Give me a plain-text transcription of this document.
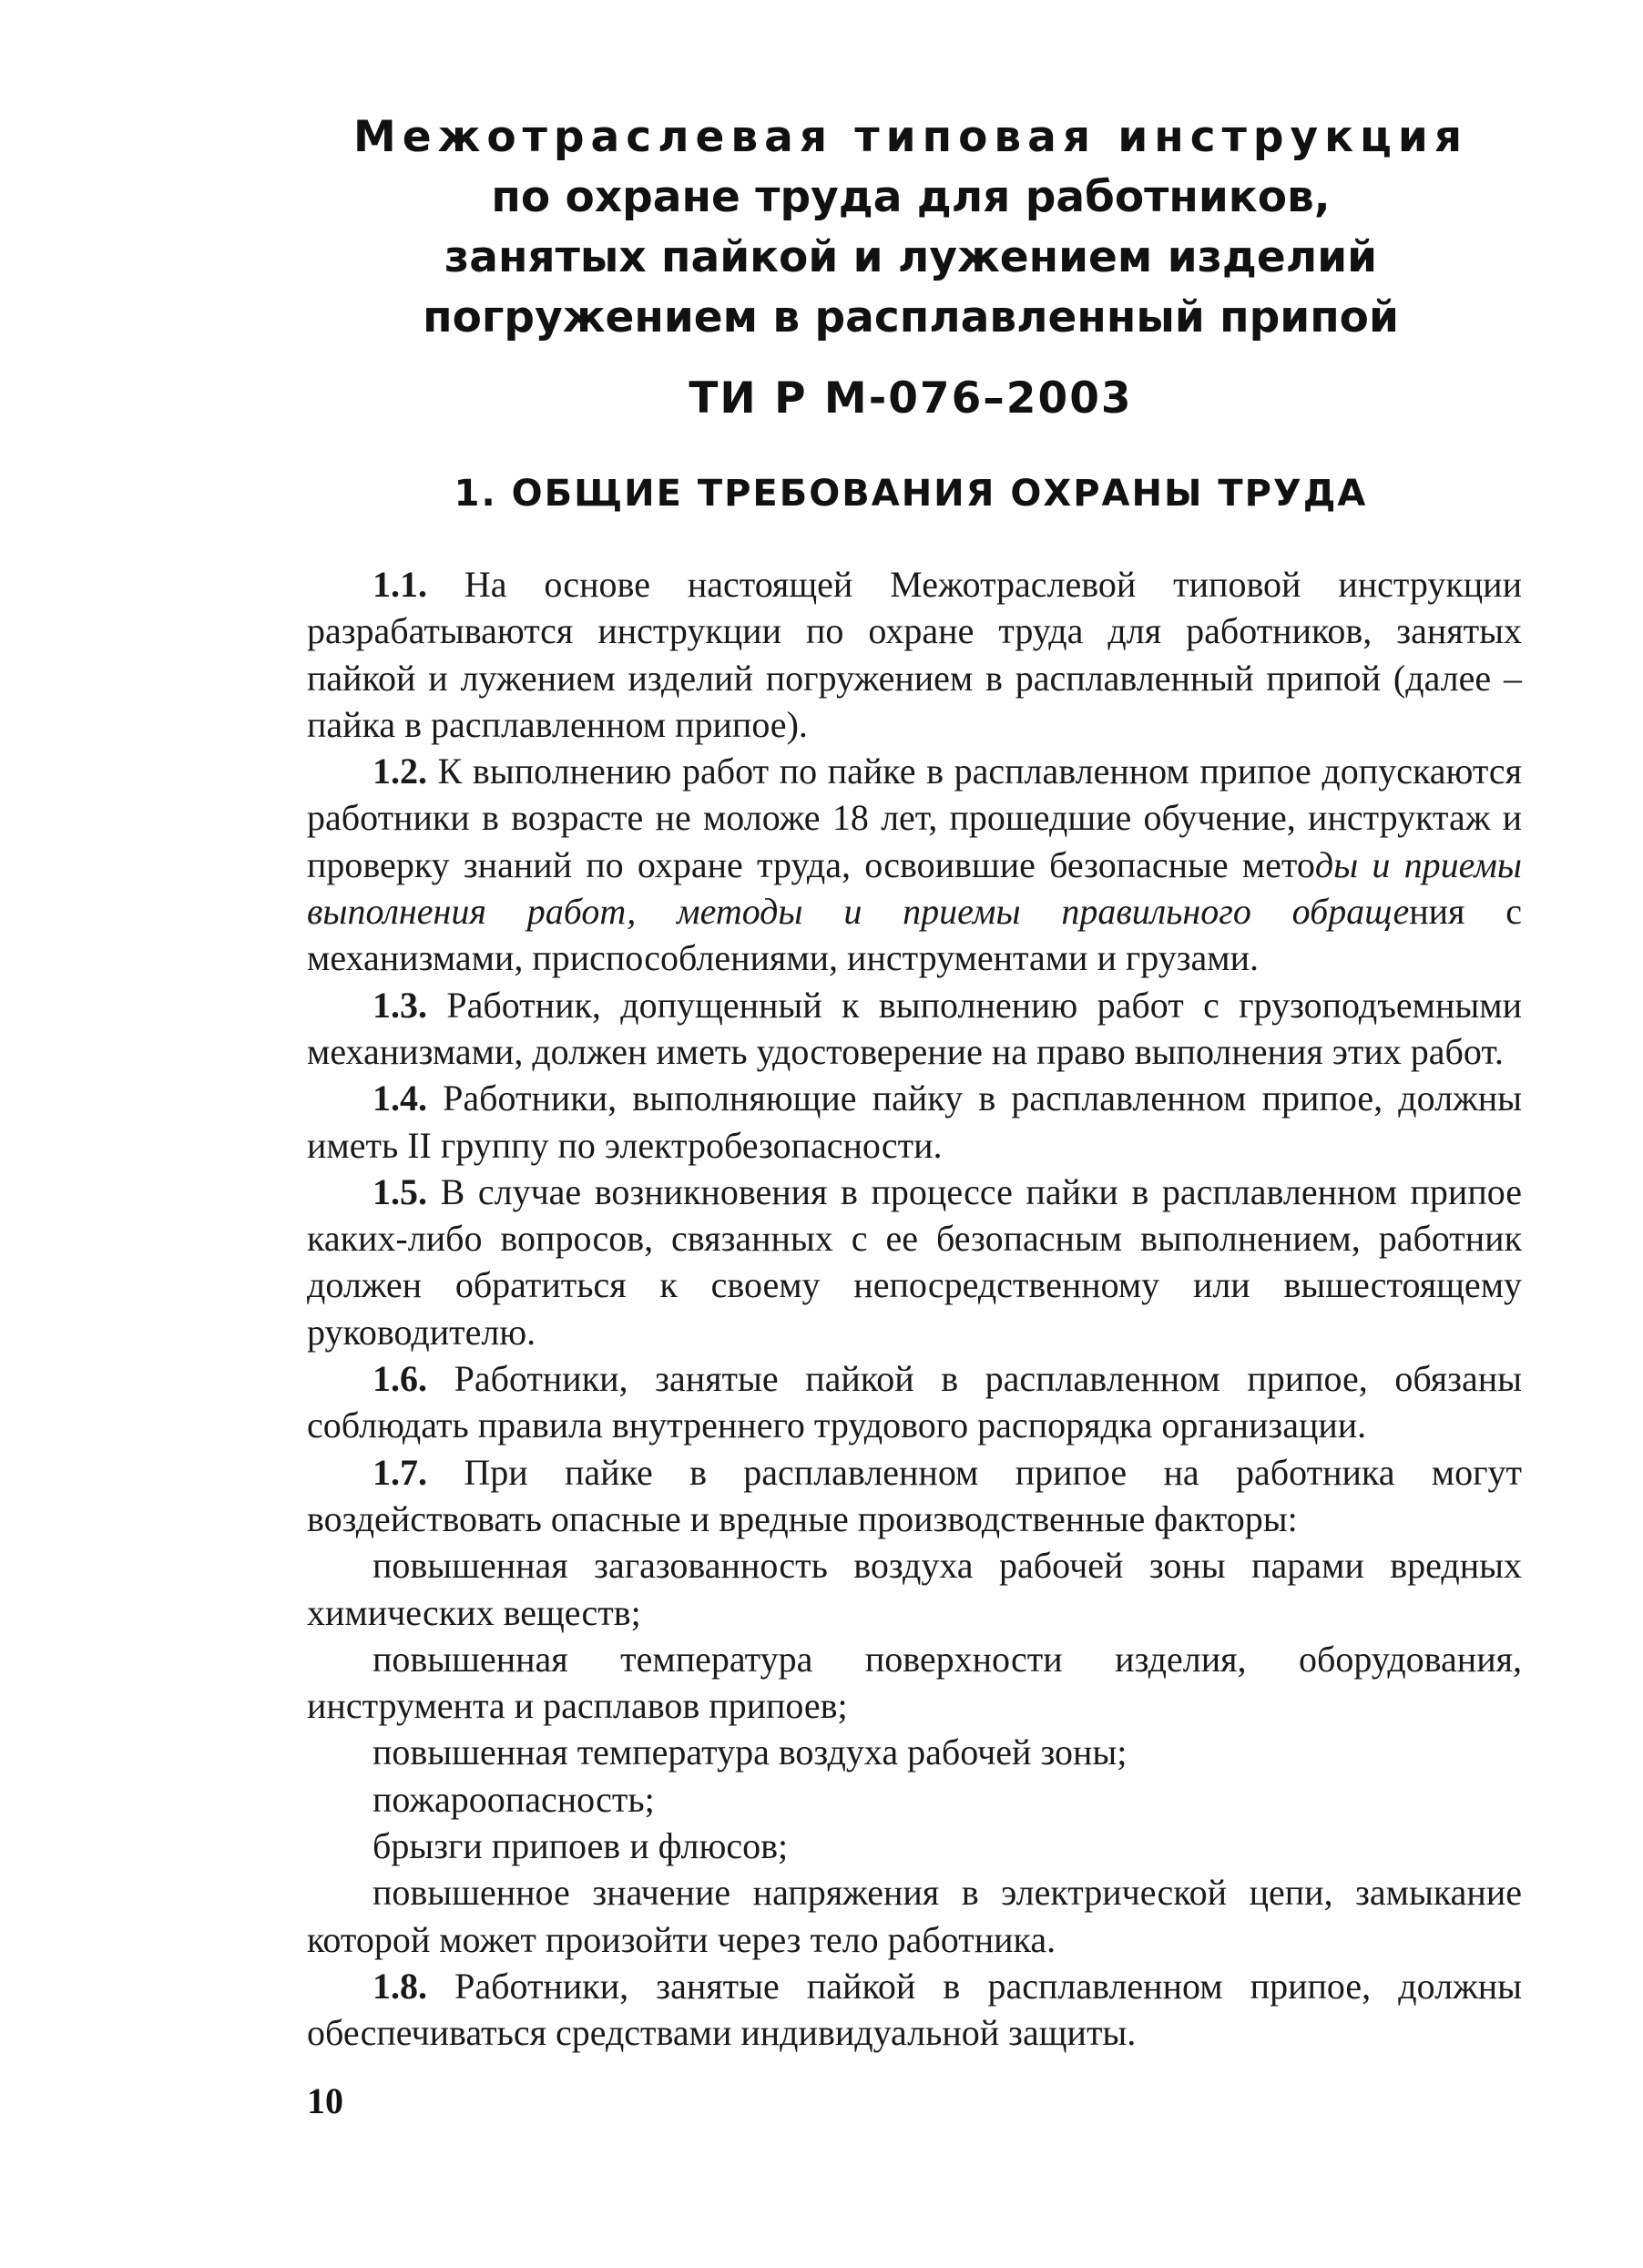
Межотраслевая типовая инструкция
по охране труда для работников,
занятых пайкой и лужением изделий
погружением в расплавленный припой
ТИ Р М-076–2003
1. ОБЩИЕ ТРЕБОВАНИЯ ОХРАНЫ ТРУДА

1.1. На основе настоящей Межотраслевой типовой инструкции разрабатываются инструкции по охране труда для работников, занятых пайкой и лужением изделий погружением в расплавленный припой (далее – пайка в расплавленном припое).

1.2. К выполнению работ по пайке в расплавленном припое допускаются работники в возрасте не моложе 18 лет, прошедшие обучение, инструктаж и проверку знаний по охране труда, освоившие безопасные методы и приемы выполнения работ, методы и приемы правильного обращения с механизмами, приспособлениями, инструментами и грузами.

1.3. Работник, допущенный к выполнению работ с грузоподъемными механизмами, должен иметь удостоверение на право выполнения этих работ.

1.4. Работники, выполняющие пайку в расплавленном припое, должны иметь II группу по электробезопасности.

1.5. В случае возникновения в процессе пайки в расплавленном припое каких-либо вопросов, связанных с ее безопасным выполнением, работник должен обратиться к своему непосредственному или вышестоящему руководителю.

1.6. Работники, занятые пайкой в расплавленном припое, обязаны соблюдать правила внутреннего трудового распорядка организации.

1.7. При пайке в расплавленном припое на работника могут воздействовать опасные и вредные производственные факторы:

повышенная загазованность воздуха рабочей зоны парами вредных химических веществ;

повышенная температура поверхности изделия, оборудования, инструмента и расплавов припоев;

повышенная температура воздуха рабочей зоны;

пожароопасность;

брызги припоев и флюсов;

повышенное значение напряжения в электрической цепи, замыкание которой может произойти через тело работника.

1.8. Работники, занятые пайкой в расплавленном припое, должны обеспечиваться средствами индивидуальной защиты.

10
